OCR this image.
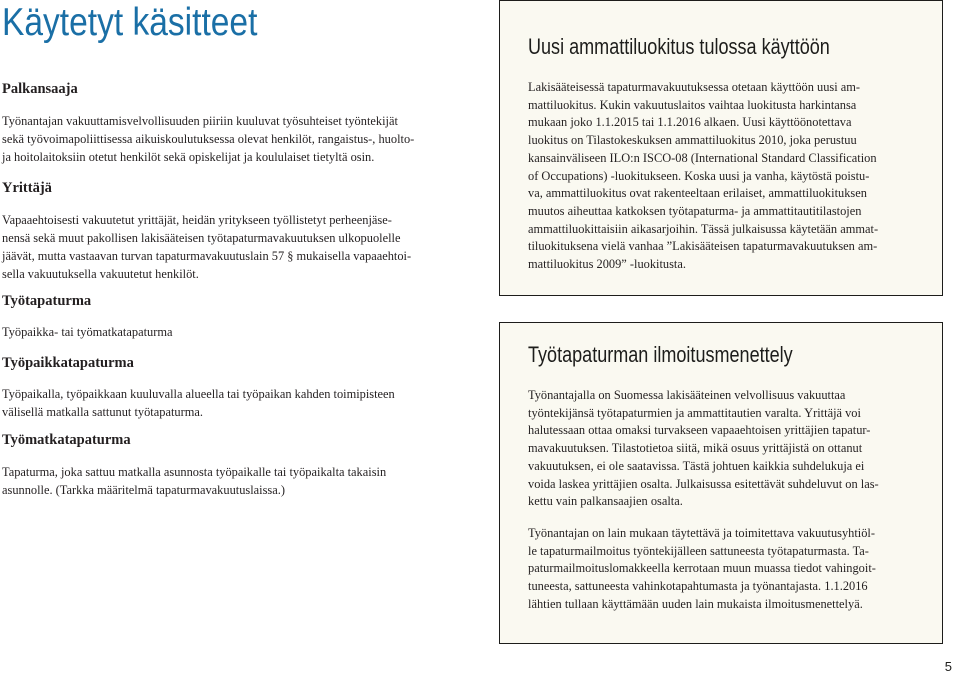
Käytetyt käsitteet
Palkansaaja
Työnantajan vakuuttamisvelvollisuuden piiriin kuuluvat työsuhteiset työntekijät
sekä työvoimapoliittisessa aikuiskoulutuksessa olevat henkilöt, rangaistus-, huolto-
ja hoitolaitoksiin otetut henkilöt sekä opiskelijat ja koululaiset tietyltä osin.
Yrittäjä
Vapaaehtoisesti vakuutetut yrittäjät, heidän yritykseen työllistetyt perheenjäse-
nensä sekä muut pakollisen lakisääteisen työtapaturmavakuutuksen ulkopuolelle
jäävät, mutta vastaavan turvan tapaturmavakuutuslain 57 § mukaisella vapaaehtoi-
sella vakuutuksella vakuutetut henkilöt.
Työtapaturma
Työpaikka- tai työmatkatapaturma
Työpaikkatapaturma
Työpaikalla, työpaikkaan kuuluvalla alueella tai työpaikan kahden toimipisteen
välisellä matkalla sattunut työtapaturma.
Työmatkatapaturma
Tapaturma, joka sattuu matkalla asunnosta työpaikalle tai työpaikalta takaisin
asunnolle. (Tarkka määritelmä tapaturmavakuutuslaissa.)
Uusi ammattiluokitus tulossa käyttöön
Lakisääteisessä tapaturmavakuutuksessa otetaan käyttöön uusi am-
mattiluokitus. Kukin vakuutuslaitos vaihtaa luokitusta harkintansa
mukaan joko 1.1.2015 tai 1.1.2016 alkaen. Uusi käyttöönotettava
luokitus on Tilastokeskuksen ammattiluokitus 2010, joka perustuu
kansainväliseen ILO:n ISCO-08 (International Standard Classification
of Occupations) -luokitukseen. Koska uusi ja vanha, käytöstä poistu-
va, ammattiluokitus ovat rakenteeltaan erilaiset, ammattiluokituksen
muutos aiheuttaa katkoksen työtapaturma- ja ammattitautitilastojen
ammattiluokittaisiin aikasarjoihin. Tässä julkaisussa käytetään ammat-
tiluokituksena vielä vanhaa ”Lakisääteisen tapaturmavakuutuksen am-
mattiluokitus 2009” -luokitusta.
Työtapaturman ilmoitusmenettely
Työnantajalla on Suomessa lakisääteinen velvollisuus vakuuttaa
työntekijänsä työtapaturmien ja ammattitautien varalta. Yrittäjä voi
halutessaan ottaa omaksi turvakseen vapaaehtoisen yrittäjien tapatur-
mavakuutuksen. Tilastotietoa siitä, mikä osuus yrittäjistä on ottanut
vakuutuksen, ei ole saatavissa. Tästä johtuen kaikkia suhdelukuja ei
voida laskea yrittäjien osalta. Julkaisussa esitettävät suhdeluvut on las-
kettu vain palkansaajien osalta.
Työnantajan on lain mukaan täytettävä ja toimitettava vakuutusyhtiöl-
le tapaturmailmoitus työntekijälleen sattuneesta työtapaturmasta. Ta-
paturmailmoituslomakkeella kerrotaan muun muassa tiedot vahingoit-
tuneesta, sattuneesta vahinkotapahtumasta ja työnantajasta. 1.1.2016
lähtien tullaan käyttämään uuden lain mukaista ilmoitusmenettelyä.
5
